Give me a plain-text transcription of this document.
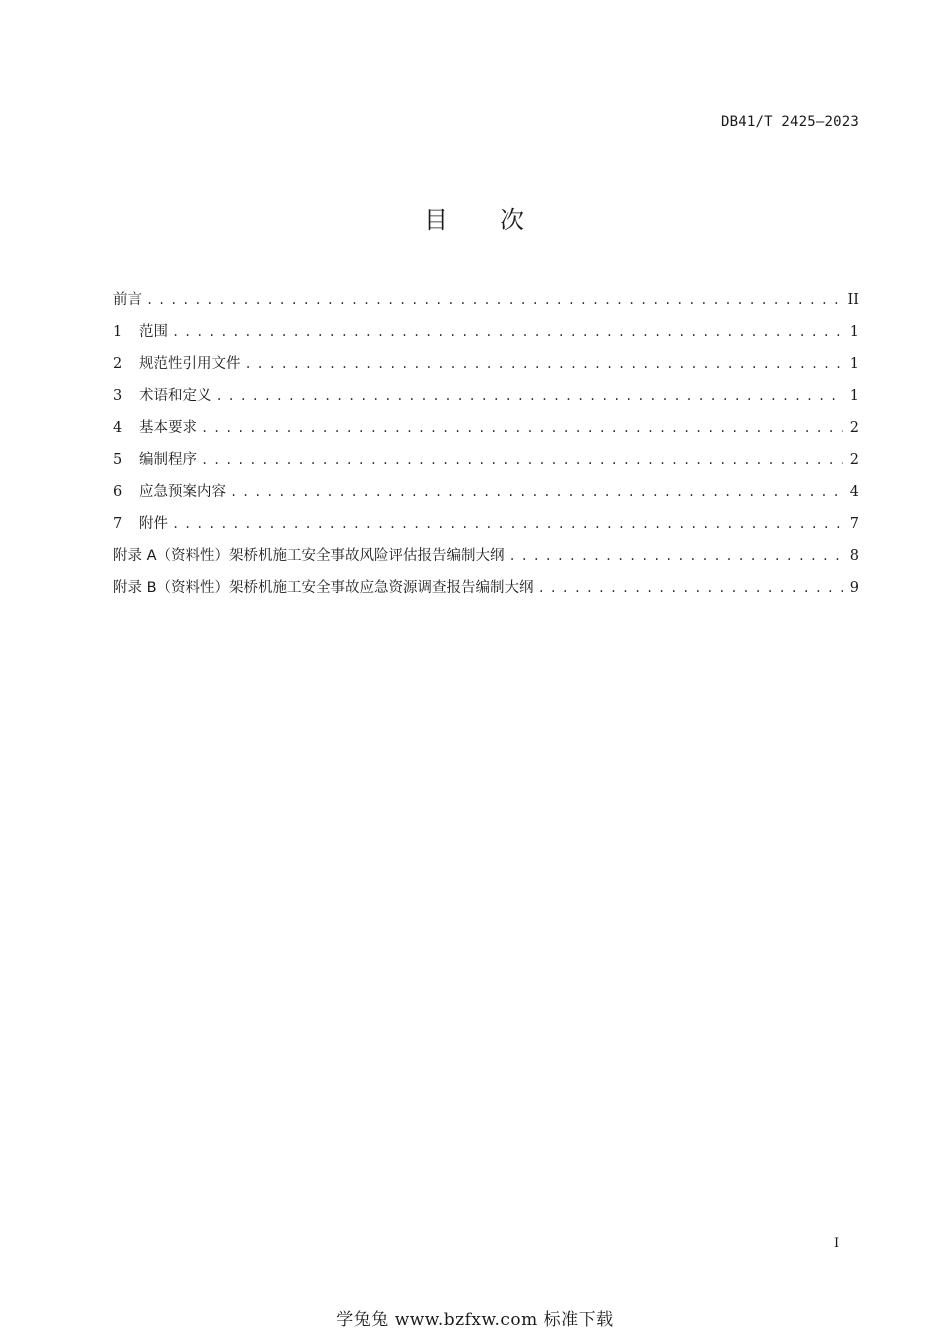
DB41/T 2425—2023
目 次
前言 . . .	II
1	范围 . . .	1
2	规范性引用文件 . . .	1
3	术语和定义 . . .	1
4	基本要求 . . .	2
5	编制程序 . . .	2
6	应急预案内容 . . .	4
7	附件 . . .	7
附录 A（资料性）架桥机施工安全事故风险评估报告编制大纲 . . .	8
附录 B（资料性）架桥机施工安全事故应急资源调查报告编制大纲 . . .	9
I
学兔兔 www.bzfxw.com 标准下载
